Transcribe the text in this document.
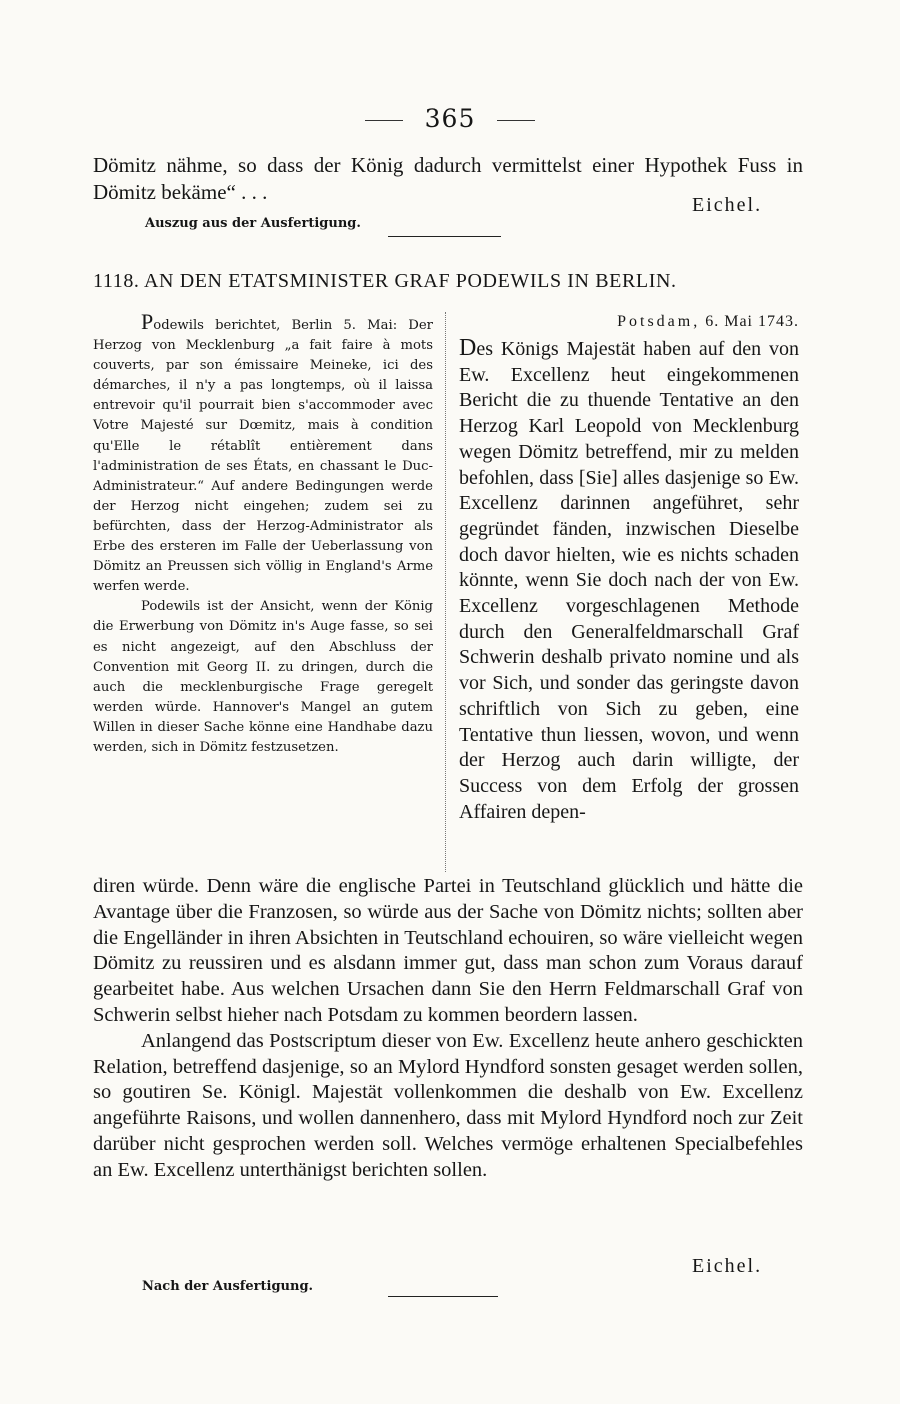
365
Dömitz nähme, so dass der König dadurch vermittelst einer Hypothek Fuss in Dömitz bekäme“ . . .
Eichel.
Auszug aus der Ausfertigung.
1118. AN DEN ETATSMINISTER GRAF PODEWILS IN BERLIN.

Podewils berichtet, Berlin 5. Mai: Der Herzog von Mecklenburg „a fait faire à mots couverts, par son émissaire Meineke, ici des démarches, il n'y a pas longtemps, où il laissa entrevoir qu'il pourrait bien s'accommoder avec Votre Majesté sur Dœmitz, mais à condition qu'Elle le rétablît entièrement dans l'administration de ses États, en chassant le Duc-Administrateur.“ Auf andere Bedingungen werde der Herzog nicht eingehen; zudem sei zu befürchten, dass der Herzog-Administrator als Erbe des ersteren im Falle der Ueberlassung von Dömitz an Preussen sich völlig in England's Arme werfen werde.

Podewils ist der Ansicht, wenn der König die Erwerbung von Dömitz in's Auge fasse, so sei es nicht angezeigt, auf den Abschluss der Convention mit Georg II. zu dringen, durch die auch die mecklenburgische Frage geregelt werden würde. Hannover's Mangel an gutem Willen in dieser Sache könne eine Handhabe dazu werden, sich in Dömitz festzusetzen.

Potsdam, 6. Mai 1743.

Des Königs Majestät haben auf den von Ew. Excellenz heut eingekommenen Bericht die zu thuende Tentative an den Herzog Karl Leopold von Mecklenburg wegen Dömitz betreffend, mir zu melden befohlen, dass [Sie] alles dasjenige so Ew. Excellenz darinnen angeführet, sehr gegründet fänden, inzwischen Dieselbe doch davor hielten, wie es nichts schaden könnte, wenn Sie doch nach der von Ew. Excellenz vorgeschlagenen Methode durch den Generalfeldmarschall Graf Schwerin deshalb privato nomine und als vor Sich, und sonder das geringste davon schriftlich von Sich zu geben, eine Tentative thun liessen, wovon, und wenn der Herzog auch darin willigte, der Success von dem Erfolg der grossen Affairen depen-

diren würde. Denn wäre die englische Partei in Teutschland glücklich und hätte die Avantage über die Franzosen, so würde aus der Sache von Dömitz nichts; sollten aber die Engelländer in ihren Absichten in Teutschland echouiren, so wäre vielleicht wegen Dömitz zu reussiren und es alsdann immer gut, dass man schon zum Voraus darauf gearbeitet habe. Aus welchen Ursachen dann Sie den Herrn Feldmarschall Graf von Schwerin selbst hieher nach Potsdam zu kommen beordern lassen.

Anlangend das Postscriptum dieser von Ew. Excellenz heute anhero geschickten Relation, betreffend dasjenige, so an Mylord Hyndford sonsten gesaget werden sollen, so goutiren Se. Königl. Majestät vollenkommen die deshalb von Ew. Excellenz angeführte Raisons, und wollen dannenhero, dass mit Mylord Hyndford noch zur Zeit darüber nicht gesprochen werden soll. Welches vermöge erhaltenen Specialbefehles an Ew. Excellenz unterthänigst berichten sollen.

Eichel.
Nach der Ausfertigung.
